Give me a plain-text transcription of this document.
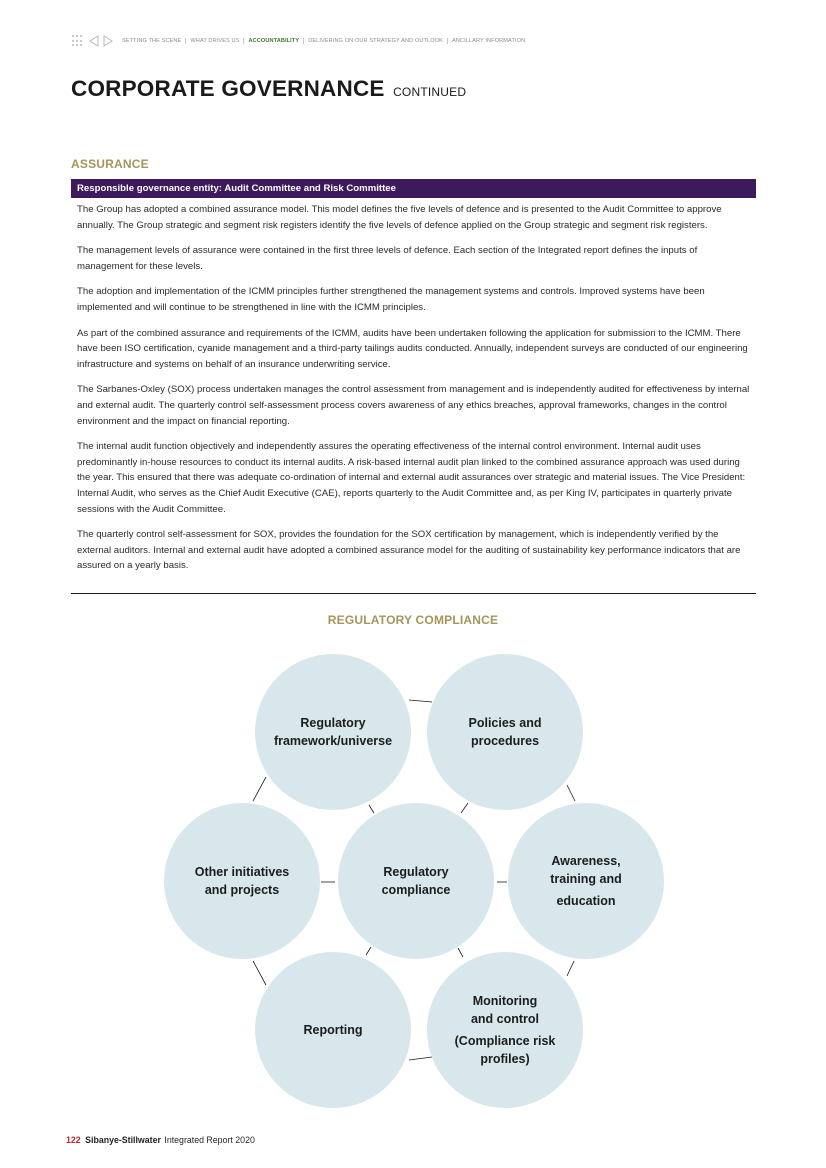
SETTING THE SCENE WHAT DRIVES US ACCOUNTABILITY DELIVERING ON OUR STRATEGY AND OUTLOOK ANCILLARY INFORMATION
CORPORATE GOVERNANCE CONTINUED
ASSURANCE
Responsible governance entity: Audit Committee and Risk Committee

The Group has adopted a combined assurance model. This model defines the five levels of defence and is presented to the Audit Committee to approve annually. The Group strategic and segment risk registers identify the five levels of defence applied on the Group strategic and segment risk registers.

The management levels of assurance were contained in the first three levels of defence. Each section of the Integrated report defines the inputs of management for these levels.

The adoption and implementation of the ICMM principles further strengthened the management systems and controls. Improved systems have been implemented and will continue to be strengthened in line with the ICMM principles.

As part of the combined assurance and requirements of the ICMM, audits have been undertaken following the application for submission to the ICMM. There have been ISO certification, cyanide management and a third-party tailings audits conducted. Annually, independent surveys are conducted of our engineering infrastructure and systems on behalf of an insurance underwriting service.

The Sarbanes-Oxley (SOX) process undertaken manages the control assessment from management and is independently audited for effectiveness by internal and external audit. The quarterly control self-assessment process covers awareness of any ethics breaches, approval frameworks, changes in the control environment and the impact on financial reporting.

The internal audit function objectively and independently assures the operating effectiveness of the internal control environment. Internal audit uses predominantly in-house resources to conduct its internal audits. A risk-based internal audit plan linked to the combined assurance approach was used during the year. This ensured that there was adequate co-ordination of internal and external audit assurances over strategic and material issues. The Vice President: Internal Audit, who serves as the Chief Audit Executive (CAE), reports quarterly to the Audit Committee and, as per King IV, participates in quarterly private sessions with the Audit Committee.

The quarterly control self-assessment for SOX, provides the foundation for the SOX certification by management, which is independently verified by the external auditors. Internal and external audit have adopted a combined assurance model for the auditing of sustainability key performance indicators that are assured on a yearly basis.

REGULATORY COMPLIANCE
Regulatory
framework/universe
Policies and
procedures
Other initiatives
and projects
Regulatory
compliance
Awareness,
training and
education
Reporting
Monitoring
and control
(Compliance risk profiles)
122 Sibanye-Stillwater Integrated Report 2020
